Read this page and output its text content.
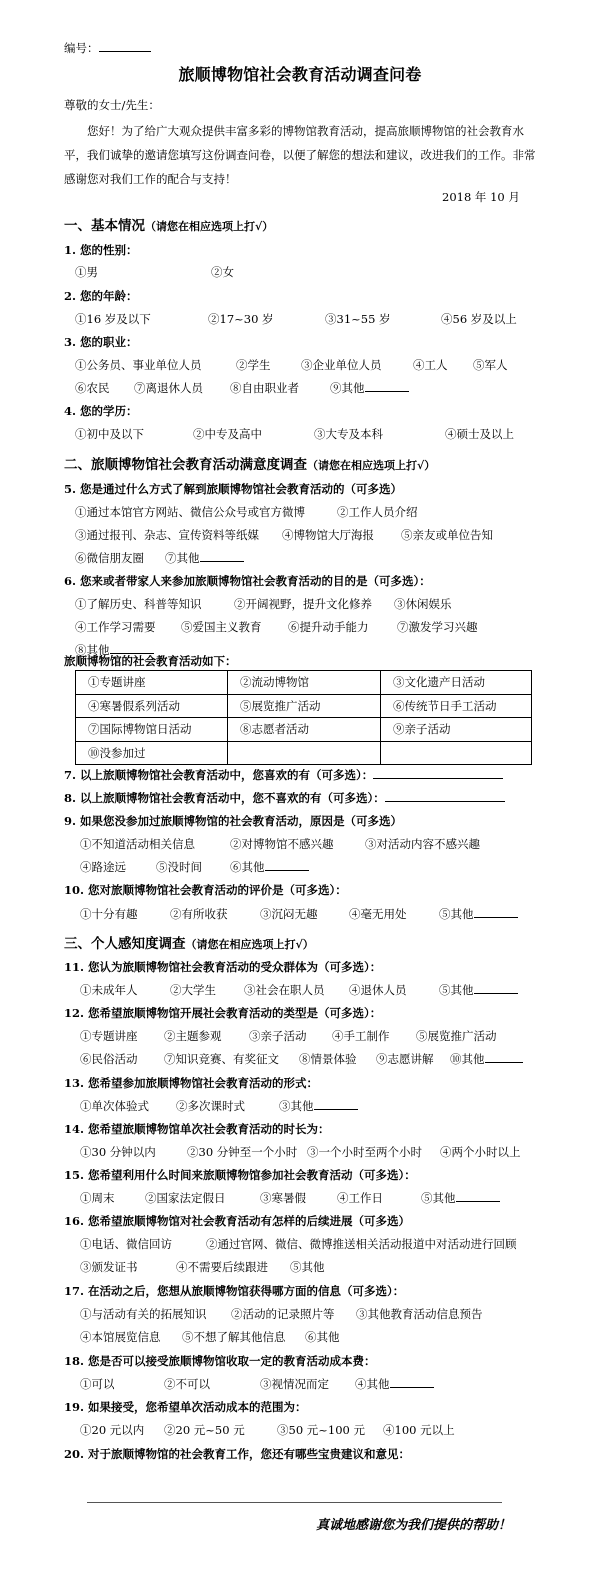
编号：
旅顺博物馆社会教育活动调查问卷
尊敬的女士/先生：
您好！为了给广大观众提供丰富多彩的博物馆教育活动，提高旅顺博物馆的社会教育水平，我们诚挚的邀请您填写这份调查问卷，以便了解您的想法和建议，改进我们的工作。非常感谢您对我们工作的配合与支持！
2018 年 10 月
一、基本情况（请您在相应选项上打√）
1. 您的性别：
①男	②女
2. 您的年龄：
①16 岁及以下	②17~30 岁	③31~55 岁	④56 岁及以上
3. 您的职业：
①公务员、事业单位人员	②学生	③企业单位人员	④工人 ⑤军人
⑥农民 ⑦离退休人员 ⑧自由职业者	⑨其他
4. 您的学历：
①初中及以下	②中专及高中	③大专及本科	④硕士及以上
二、旅顺博物馆社会教育活动满意度调查（请您在相应选项上打√）
5. 您是通过什么方式了解到旅顺博物馆社会教育活动的（可多选）
①通过本馆官方网站、微信公众号或官方微博	②工作人员介绍
③通过报刊、杂志、宣传资料等纸媒 ④博物馆大厅海报 ⑤亲友或单位告知
⑥微信朋友圈 ⑦其他
6. 您来或者带家人来参加旅顺博物馆社会教育活动的目的是（可多选）：
①了解历史、科普等知识	②开阔视野，提升文化修养 ③休闲娱乐
④工作学习需要 ⑤爱国主义教育 ⑥提升动手能力 ⑦激发学习兴趣
⑧其他
旅顺博物馆的社会教育活动如下：
①专题讲座	②流动博物馆	③文化遗产日活动
④寒暑假系列活动	⑤展览推广活动	⑥传统节日手工活动
⑦国际博物馆日活动	⑧志愿者活动	⑨亲子活动
⑩没参加过		
7. 以上旅顺博物馆社会教育活动中，您喜欢的有（可多选）：
8. 以上旅顺博物馆社会教育活动中，您不喜欢的有（可多选）：
9. 如果您没参加过旅顺博物馆的社会教育活动，原因是（可多选）
①不知道活动相关信息	②对博物馆不感兴趣	③对活动内容不感兴趣
④路途远	⑤没时间 ⑥其他
10. 您对旅顺博物馆社会教育活动的评价是（可多选）：
①十分有趣	②有所收获	③沉闷无趣	④毫无用处	⑤其他
三、个人感知度调查（请您在相应选项上打√）
11. 您认为旅顺博物馆社会教育活动的受众群体为（可多选）：
①未成年人	②大学生 ③社会在职人员 ④退休人员	⑤其他
12. 您希望旅顺博物馆开展社会教育活动的类型是（可多选）：
①专题讲座 ②主题参观 ③亲子活动 ④手工制作 ⑤展览推广活动
⑥民俗活动 ⑦知识竞赛、有奖征文 ⑧情景体验 ⑨志愿讲解 ⑩其他
13. 您希望参加旅顺博物馆社会教育活动的形式：
①单次体验式 ②多次课时式	③其他
14. 您希望旅顺博物馆单次社会教育活动的时长为：
①30 分钟以内	②30 分钟至一个小时 ③一个小时至两个小时 ④两个小时以上
15. 您希望利用什么时间来旅顺博物馆参加社会教育活动（可多选）：
①周末	②国家法定假日	③寒暑假	④工作日	⑤其他
16. 您希望旅顺博物馆对社会教育活动有怎样的后续进展（可多选）
①电话、微信回访	②通过官网、微信、微博推送相关活动报道中对活动进行回顾
③颁发证书	④不需要后续跟进 ⑤其他
17. 在活动之后，您想从旅顺博物馆获得哪方面的信息（可多选）：
①与活动有关的拓展知识 ②活动的记录照片等 ③其他教育活动信息预告
④本馆展览信息 ⑤不想了解其他信息 ⑥其他
18. 您是否可以接受旅顺博物馆收取一定的教育活动成本费：
①可以	②不可以	③视情况而定 ④其他
19. 如果接受，您希望单次活动成本的范围为：
①20 元以内 ②20 元~50 元	③50 元~100 元 ④100 元以上
20. 对于旅顺博物馆的社会教育工作，您还有哪些宝贵建议和意见：
真诚地感谢您为我们提供的帮助！
